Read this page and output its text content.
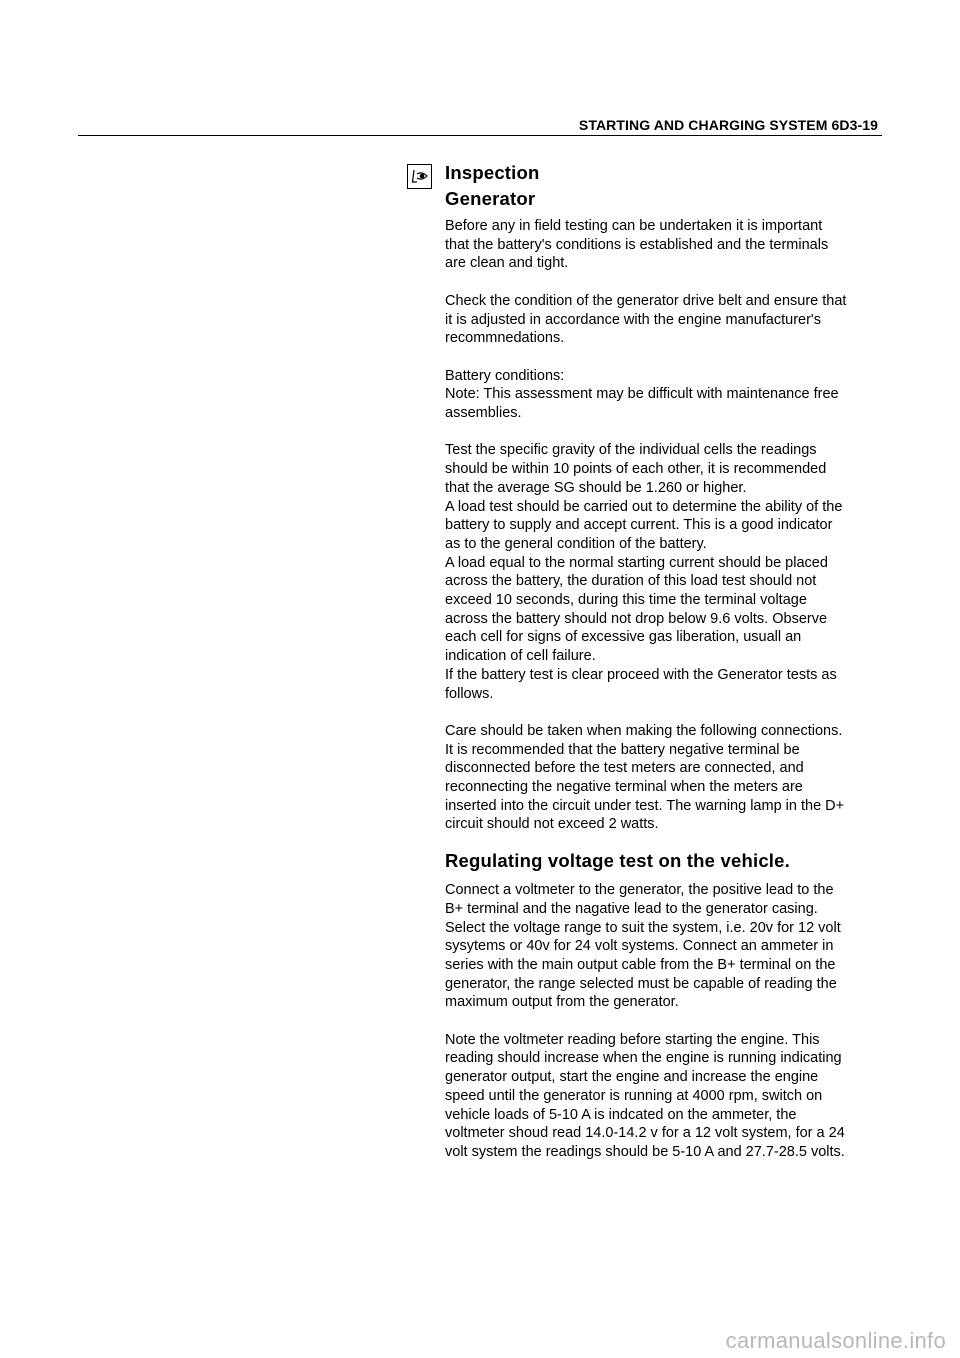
STARTING AND CHARGING SYSTEM 6D3-19
Inspection
Generator

Before any in field testing can be undertaken it is important
that the battery's conditions is established and the terminals
are clean and tight.

Check the condition of the generator drive belt and ensure that
it is adjusted in accordance with the engine manufacturer's
recommnedations.

Battery conditions:
Note: This assessment may be difficult with maintenance free
assemblies.

Test the specific gravity of the individual cells the readings
should be within 10 points of each other, it is recommended
that the average SG should be 1.260 or higher.
A load test should be carried out to determine the ability of the
battery to supply and accept current. This is a good indicator
as to the general condition of the battery.
A load equal to the normal starting current should be placed
across the battery, the duration of this load test should not
exceed 10 seconds, during this time the terminal voltage
across the battery should not drop below 9.6 volts. Observe
each cell for signs of excessive gas liberation, usuall an
indication of cell failure.
If the battery test is clear proceed with the Generator tests as
follows.

Care should be taken when making the following connections.
It is recommended that the battery negative terminal be
disconnected before the test meters are connected, and
reconnecting the negative terminal when the meters are
inserted into the circuit under test. The warning lamp in the D+
circuit should not exceed 2 watts.

Regulating voltage test on the vehicle.

Connect a voltmeter to the generator, the positive lead to the
B+ terminal and the nagative lead to the generator casing.
Select the voltage range to suit the system, i.e. 20v for 12 volt
sysytems or 40v for 24 volt systems. Connect an ammeter in
series with the main output cable from the B+ terminal on the
generator, the range selected must be capable of reading the
maximum output from the generator.

Note the voltmeter reading before starting the engine. This
reading should increase when the engine is running indicating
generator output, start the engine and increase the engine
speed until the generator is running at 4000 rpm, switch on
vehicle loads of 5-10 A is indcated on the ammeter, the
voltmeter shoud read 14.0-14.2 v for a 12 volt system, for a 24
volt system the readings should be 5-10 A and 27.7-28.5 volts.

carmanualsonline.info
